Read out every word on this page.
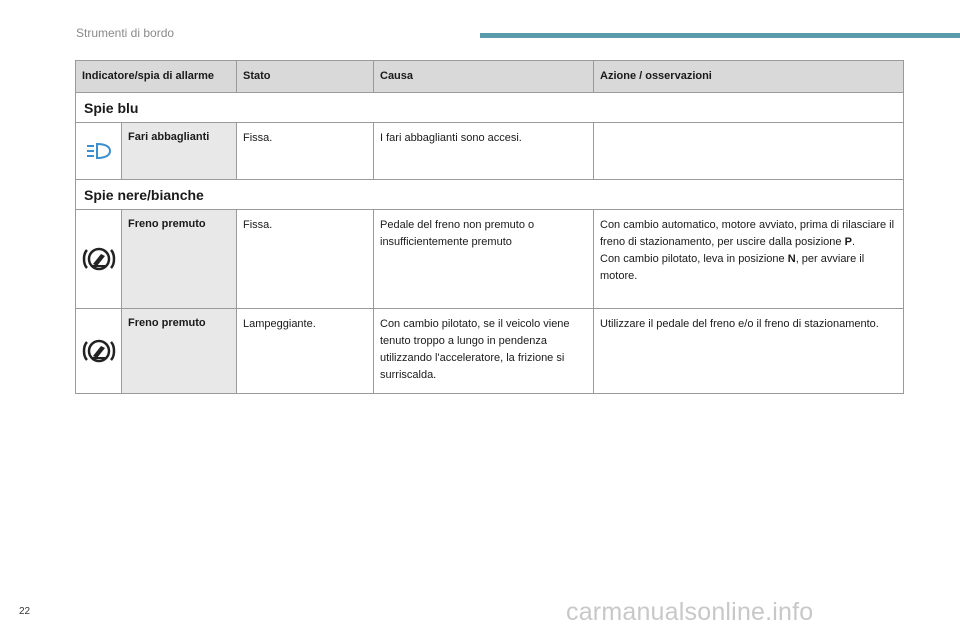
Strumenti di bordo
Indicatore/spia di allarme		Stato	Causa	Azione / osservazioni
Spie blu				

	Fari abbaglianti	Fissa.	I fari abbaglianti sono accesi.	
Spie nere/bianche				

	Freno premuto	Fissa.	Pedale del freno non premuto o insufficientemente premuto	Con cambio automatico, motore avviato, prima di rilasciare il freno di stazionamento, per uscire dalla posizione P.
Con cambio pilotato, leva in posizione N, per avviare il motore.

	Freno premuto	Lampeggiante.	Con cambio pilotato, se il veicolo viene tenuto troppo a lungo in pendenza utilizzando l'acceleratore, la frizione si surriscalda.	Utilizzare il pedale del freno e/o il freno di stazionamento.
22	carmanualsonline.info
